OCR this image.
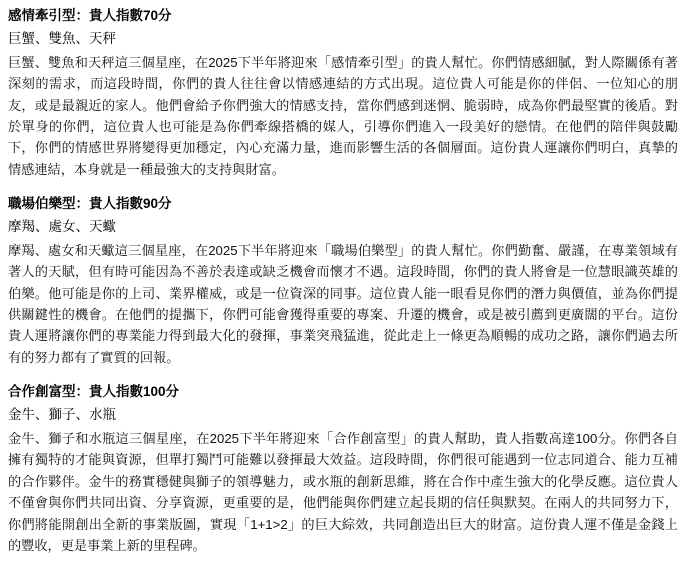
感情牽引型：貴人指數70分

巨蟹、雙魚、天秤

巨蟹、雙魚和天秤這三個星座，在2025下半年將迎來「感情牽引型」的貴人幫忙。你們情感細膩，對人際關係有著深刻的需求，而這段時間，你們的貴人往往會以情感連結的方式出現。這位貴人可能是你的伴侶、一位知心的朋友，或是最親近的家人。他們會給予你們強大的情感支持，當你們感到迷惘、脆弱時，成為你們最堅實的後盾。對於單身的你們，這位貴人也可能是為你們牽線搭橋的媒人，引導你們進入一段美好的戀情。在他們的陪伴與鼓勵下，你們的情感世界將變得更加穩定，內心充滿力量，進而影響生活的各個層面。這份貴人運讓你們明白，真摯的情感連結，本身就是一種最強大的支持與財富。

職場伯樂型：貴人指數90分

摩羯、處女、天蠍

摩羯、處女和天蠍這三個星座，在2025下半年將迎來「職場伯樂型」的貴人幫忙。你們勤奮、嚴謹，在專業領域有著人的天賦，但有時可能因為不善於表達或缺乏機會而懷才不遇。這段時間，你們的貴人將會是一位慧眼識英雄的伯樂。他可能是你的上司、業界權威，或是一位資深的同事。這位貴人能一眼看見你們的潛力與價值，並為你們提供關鍵性的機會。在他們的提攜下，你們可能會獲得重要的專案、升遷的機會，或是被引薦到更廣闊的平台。這份貴人運將讓你們的專業能力得到最大化的發揮，事業突飛猛進，從此走上一條更為順暢的成功之路，讓你們過去所有的努力都有了實質的回報。

合作創富型：貴人指數100分

金牛、獅子、水瓶

金牛、獅子和水瓶這三個星座，在2025下半年將迎來「合作創富型」的貴人幫助，貴人指數高達100分。你們各自擁有獨特的才能與資源，但單打獨鬥可能難以發揮最大效益。這段時間，你們很可能遇到一位志同道合、能力互補的合作夥伴。金牛的務實穩健與獅子的領導魅力，或水瓶的創新思維，將在合作中產生強大的化學反應。這位貴人不僅會與你們共同出資、分享資源，更重要的是，他們能與你們建立起長期的信任與默契。在兩人的共同努力下，你們將能開創出全新的事業版圖，實現「1+1>2」的巨大綜效，共同創造出巨大的財富。這份貴人運不僅是金錢上的豐收，更是事業上新的里程碑。
